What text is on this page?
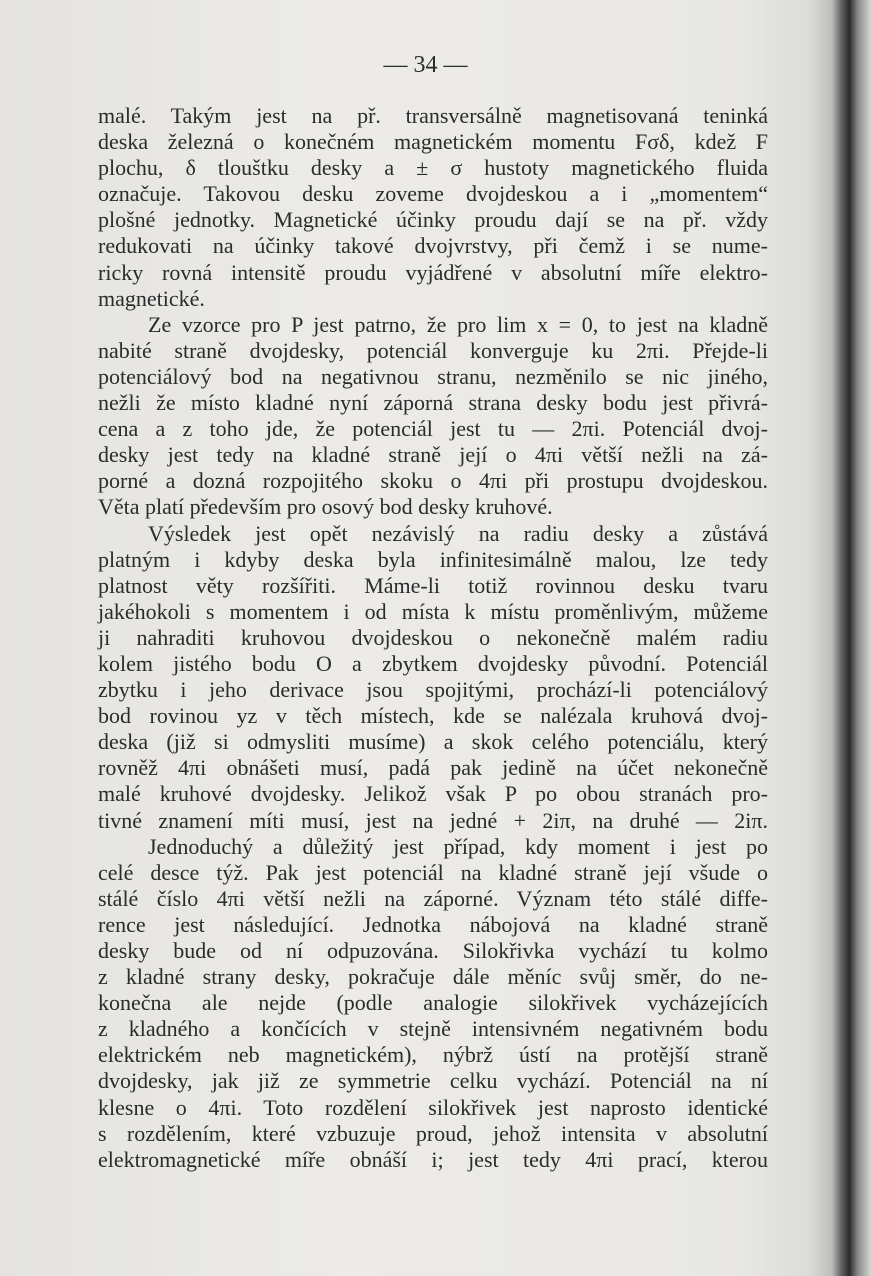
— 34 —
malé. Takým jest na př. transversálně magnetisovaná teninká
deska železná o konečném magnetickém momentu Fσδ, kdež F
plochu, δ tlouštku desky a ± σ hustoty magnetického fluida
označuje. Takovou desku zoveme dvojdeskou a i „momentem“
plošné jednotky. Magnetické účinky proudu dají se na př. vždy
redukovati na účinky takové dvojvrstvy, při čemž i se nume-
ricky rovná intensitě proudu vyjádřené v absolutní míře elektro-
magnetické.
Ze vzorce pro P jest patrno, že pro lim x = 0, to jest na kladně
nabité straně dvojdesky, potenciál konverguje ku 2πi. Přejde-li
potenciálový bod na negativnou stranu, nezměnilo se nic jiného,
nežli že místo kladné nyní záporná strana desky bodu jest přivrá-
cena a z toho jde, že potenciál jest tu — 2πi. Potenciál dvoj-
desky jest tedy na kladné straně její o 4πi větší nežli na zá-
porné a dozná rozpojitého skoku o 4πi při prostupu dvojdeskou.
Věta platí především pro osový bod desky kruhové.
Výsledek jest opět nezávislý na radiu desky a zůstává
platným i kdyby deska byla infinitesimálně malou, lze tedy
platnost věty rozšířiti. Máme-li totiž rovinnou desku tvaru
jakéhokoli s momentem i od místa k místu proměnlivým, můžeme
ji nahraditi kruhovou dvojdeskou o nekonečně malém radiu
kolem jistého bodu O a zbytkem dvojdesky původní. Potenciál
zbytku i jeho derivace jsou spojitými, prochází-li potenciálový
bod rovinou yz v těch místech, kde se nalézala kruhová dvoj-
deska (již si odmysliti musíme) a skok celého potenciálu, který
rovněž 4πi obnášeti musí, padá pak jedině na účet nekonečně
malé kruhové dvojdesky. Jelikož však P po obou stranách pro-
tivné znamení míti musí, jest na jedné + 2iπ, na druhé — 2iπ.
Jednoduchý a důležitý jest případ, kdy moment i jest po
celé desce týž. Pak jest potenciál na kladné straně její všude o
stálé číslo 4πi větší nežli na záporné. Význam této stálé diffe-
rence jest následující. Jednotka nábojová na kladné straně
desky bude od ní odpuzována. Silokřivka vychází tu kolmo
z kladné strany desky, pokračuje dále měníc svůj směr, do ne-
konečna ale nejde (podle analogie silokřivek vycházejících
z kladného a končících v stejně intensivném negativném bodu
elektrickém neb magnetickém), nýbrž ústí na protější straně
dvojdesky, jak již ze symmetrie celku vychází. Potenciál na ní
klesne o 4πi. Toto rozdělení silokřivek jest naprosto identické
s rozdělením, které vzbuzuje proud, jehož intensita v absolutní
elektromagnetické míře obnáší i; jest tedy 4πi prací, kterou
